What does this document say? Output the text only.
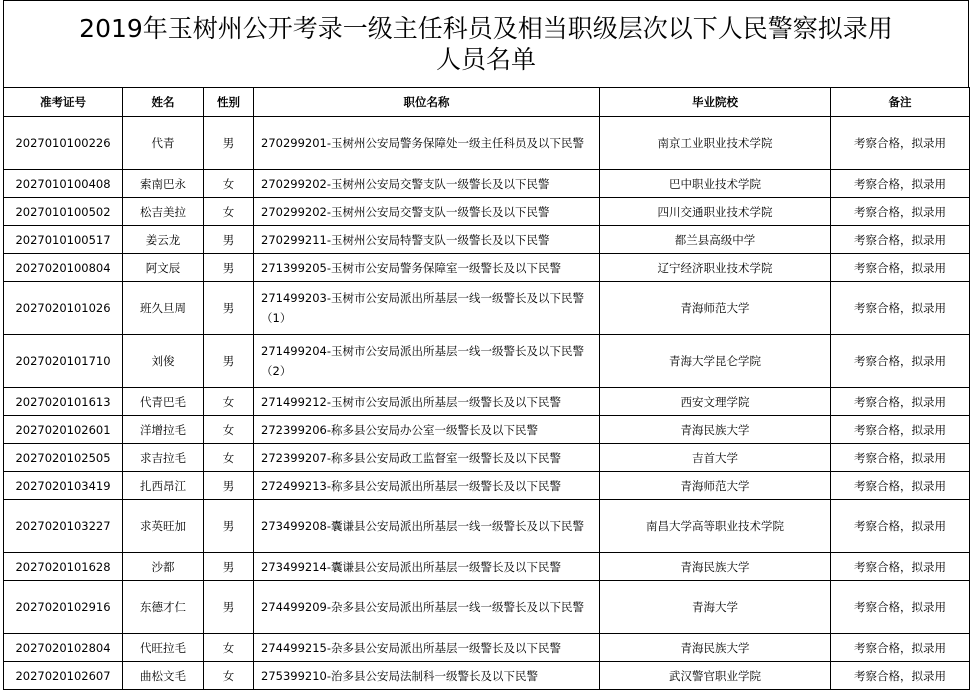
2019年玉树州公开考录一级主任科员及相当职级层次以下人民警察拟录用
人员名单
准考证号	姓名	性别	职位名称	毕业院校	备注
2027010100226	代青	男	270299201-玉树州公安局警务保障处一级主任科员及以下民警	南京工业职业技术学院	考察合格，拟录用
2027010100408	索南巴永	女	270299202-玉树州公安局交警支队一级警长及以下民警	巴中职业技术学院	考察合格，拟录用
2027010100502	松吉美拉	女	270299202-玉树州公安局交警支队一级警长及以下民警	四川交通职业技术学院	考察合格，拟录用
2027010100517	姜云龙	男	270299211-玉树州公安局特警支队一级警长及以下民警	都兰县高级中学	考察合格，拟录用
2027020100804	阿文辰	男	271399205-玉树市公安局警务保障室一级警长及以下民警	辽宁经济职业技术学院	考察合格，拟录用
2027020101026	班久旦周	男	271499203-玉树市公安局派出所基层一线一级警长及以下民警（1）	青海师范大学	考察合格，拟录用
2027020101710	刘俊	男	271499204-玉树市公安局派出所基层一线一级警长及以下民警（2）	青海大学昆仑学院	考察合格，拟录用
2027020101613	代青巴毛	女	271499212-玉树市公安局派出所基层一级警长及以下民警	西安文理学院	考察合格，拟录用
2027020102601	洋增拉毛	女	272399206-称多县公安局办公室一级警长及以下民警	青海民族大学	考察合格，拟录用
2027020102505	求吉拉毛	女	272399207-称多县公安局政工监督室一级警长及以下民警	吉首大学	考察合格，拟录用
2027020103419	扎西昂江	男	272499213-称多县公安局派出所基层一级警长及以下民警	青海师范大学	考察合格，拟录用
2027020103227	求英旺加	男	273499208-囊谦县公安局派出所基层一线一级警长及以下民警	南昌大学高等职业技术学院	考察合格，拟录用
2027020101628	沙都	男	273499214-囊谦县公安局派出所基层一级警长及以下民警	青海民族大学	考察合格，拟录用
2027020102916	东德才仁	男	274499209-杂多县公安局派出所基层一线一级警长及以下民警	青海大学	考察合格，拟录用
2027020102804	代旺拉毛	女	274499215-杂多县公安局派出所基层一级警长及以下民警	青海民族大学	考察合格，拟录用
2027020102607	曲松文毛	女	275399210-治多县公安局法制科一级警长及以下民警	武汉警官职业学院	考察合格，拟录用
